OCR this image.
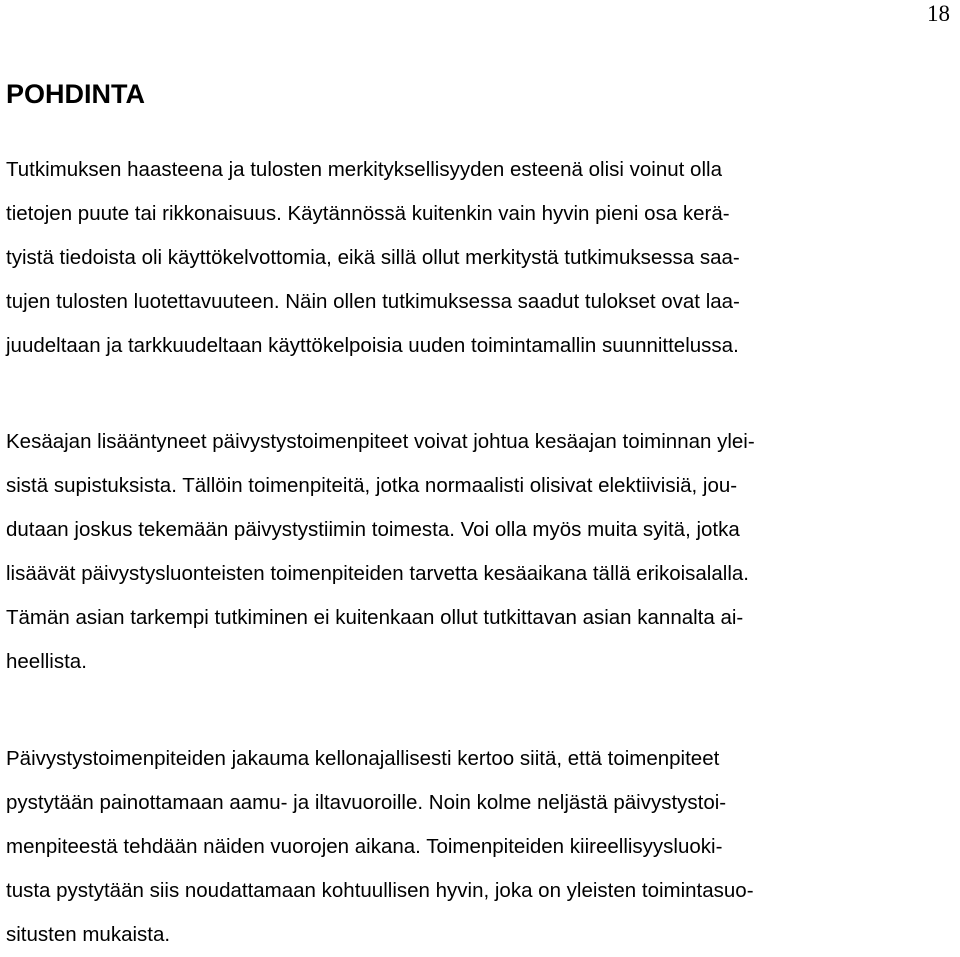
18
POHDINTA

Tutkimuksen haasteena ja tulosten merkityksellisyyden esteenä olisi voinut olla
tietojen puute tai rikkonaisuus. Käytännössä kuitenkin vain hyvin pieni osa kerä-
tyistä tiedoista oli käyttökelvottomia, eikä sillä ollut merkitystä tutkimuksessa saa-
tujen tulosten luotettavuuteen. Näin ollen tutkimuksessa saadut tulokset ovat laa-
juudeltaan ja tarkkuudeltaan käyttökelpoisia uuden toimintamallin suunnittelussa.

Kesäajan lisääntyneet päivystystoimenpiteet voivat johtua kesäajan toiminnan ylei-
sistä supistuksista. Tällöin toimenpiteitä, jotka normaalisti olisivat elektiivisiä, jou-
dutaan joskus tekemään päivystystiimin toimesta. Voi olla myös muita syitä, jotka
lisäävät päivystysluonteisten toimenpiteiden tarvetta kesäaikana tällä erikoisalalla.
Tämän asian tarkempi tutkiminen ei kuitenkaan ollut tutkittavan asian kannalta ai-
heellista.

Päivystystoimenpiteiden jakauma kellonajallisesti kertoo siitä, että toimenpiteet
pystytään painottamaan aamu- ja iltavuoroille. Noin kolme neljästä päivystystoi-
menpiteestä tehdään näiden vuorojen aikana. Toimenpiteiden kiireellisyysluoki-
tusta pystytään siis noudattamaan kohtuullisen hyvin, joka on yleisten toimintasuo-
situsten mukaista.
